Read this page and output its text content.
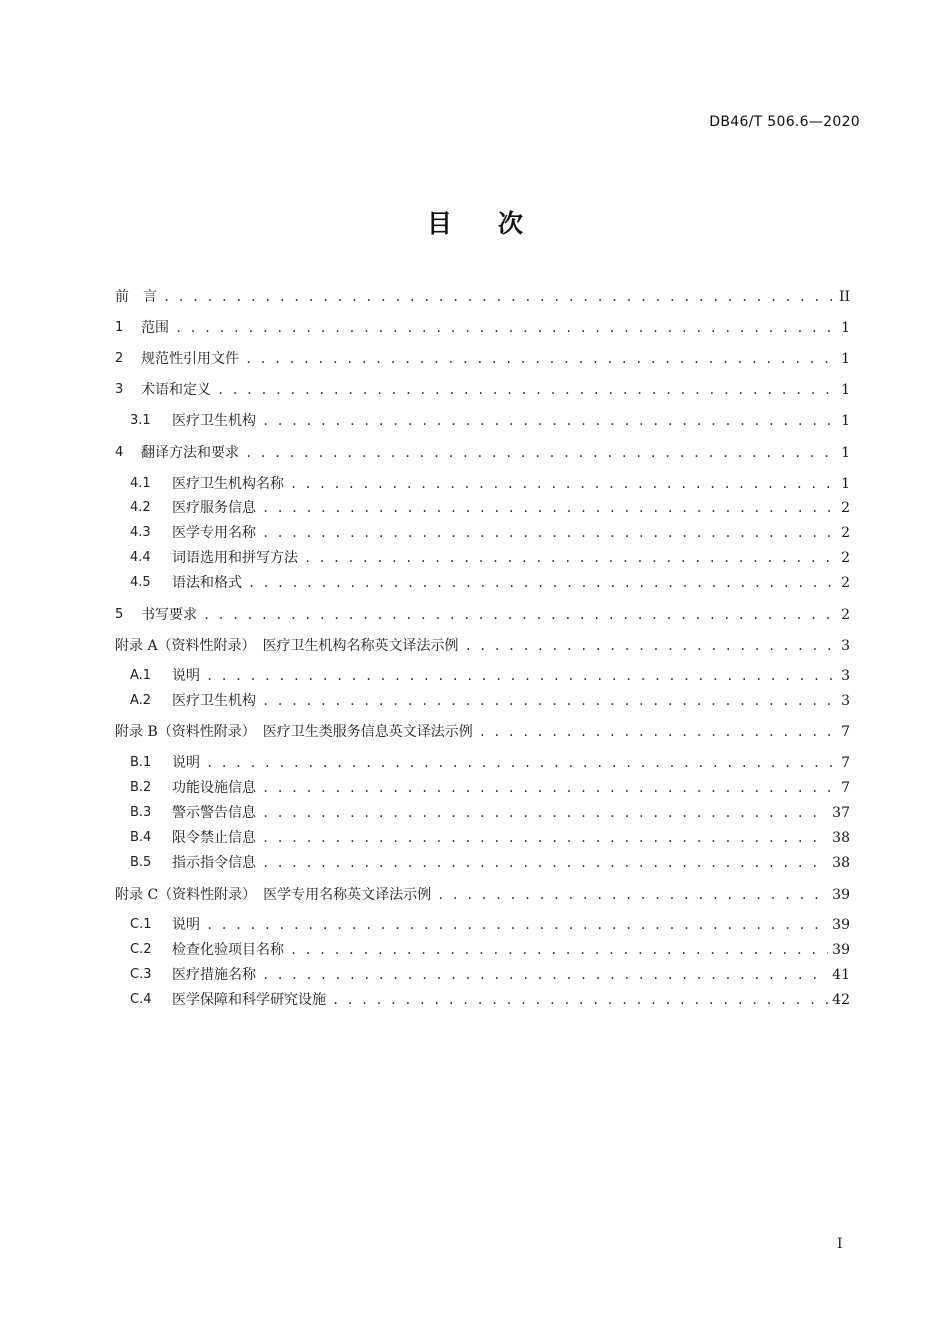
DB46/T 506.6—2020
目次
前　言 . . .	II
1	范围 . . .	1
2	规范性引用文件 . . .	1
3	术语和定义 . . .	1
3.1	医疗卫生机构 . . .	1
4	翻译方法和要求 . . .	1
4.1	医疗卫生机构名称 . . .	1
4.2	医疗服务信息 . . .	2
4.3	医学专用名称 . . .	2
4.4	词语选用和拼写方法 . . .	2
4.5	语法和格式 . . .	2
5	书写要求 . . .	2
附录 A（资料性附录）　医疗卫生机构名称英文译法示例 . . .	3
A.1	说明 . . .	3
A.2	医疗卫生机构 . . .	3
附录 B（资料性附录）　医疗卫生类服务信息英文译法示例 . . .	7
B.1	说明 . . .	7
B.2	功能设施信息 . . .	7
B.3	警示警告信息 . . .	37
B.4	限令禁止信息 . . .	38
B.5	指示指令信息 . . .	38
附录 C（资料性附录）　医学专用名称英文译法示例 . . .	39
C.1	说明 . . .	39
C.2	检查化验项目名称 . . .	39
C.3	医疗措施名称 . . .	41
C.4	医学保障和科学研究设施 . . .	42
I
